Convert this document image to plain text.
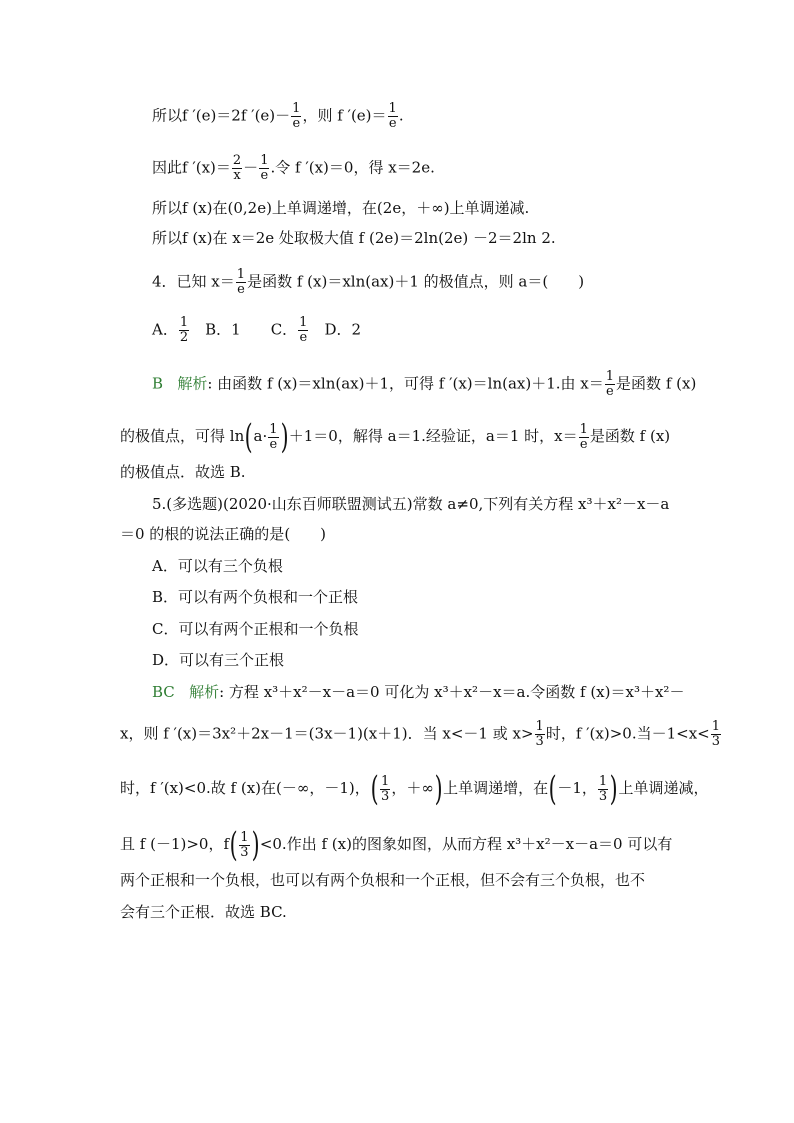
所以f ′(e)＝2f $'(e)- \frac{1}{e}$ ，则 f $'(e)= \frac{1}{e}$ .
因此f $'(x)= \frac{2}{x} - \frac{1}{e}$ .令 f ′(x)＝0，得 x＝2e.
所以f (x)在(0,2e)上单调递增，在(2e，＋∞)上单调递减.
所以f (x)在 x＝2e 处取极大值 f (2e)＝2ln(2e) －2＝2ln 2.
4．已知 $x= \frac{1}{e}$ 是函数 f (x)＝xln(ax)＋1 的极值点，则 a＝(　　)
A． $\frac{1}{2}$ 　B．1　　C． $\frac{1}{e}$ 　D．2
B 解析: 由函数 f (x)＝xln(ax)＋1，可得 f ′(x)＝ln(ax)＋1.由 $x= \frac{1}{e}$ 是函数 f (x)
的极值点，可得 $\ln(a\cdot \frac{1}{e} )+1=0$，解得 a＝1.经验证，a＝1 时，$x= \frac{1}{e}$ 是函数 f (x)
的极值点．故选 B.
5.(多选题)(2020·山东百师联盟测试五)常数 a≠0,下列有关方程 x³＋x²－x－a
＝0 的根的说法正确的是(　　)
A．可以有三个负根
B．可以有两个负根和一个正根
C．可以有两个正根和一个负根
D．可以有三个正根
BC 解析: 方程 x³＋x²－x－a＝0 可化为 x³＋x²－x＝a.令函数 f (x)＝x³＋x²－
x，则 f ′(x)＝3x²＋2x－1＝(3x－1)(x＋1)．当 x<－1 或 $x> \frac{1}{3}$ 时，f ′(x)>0.当$-1<x< \frac{1}{3}$
时，f ′(x)<0.故 f (x)在(－∞，－1)，( $\frac{1}{3}$ ，＋∞)上单调递增，在(－1， $\frac{1}{3}$ )上单调递减，
且 f (－1)>0，$f( \frac{1}{3} )<0$.作出 f (x)的图象如图，从而方程 x³＋x²－x－a＝0 可以有
两个正根和一个负根，也可以有两个负根和一个正根，但不会有三个负根，也不
会有三个正根．故选 BC.
